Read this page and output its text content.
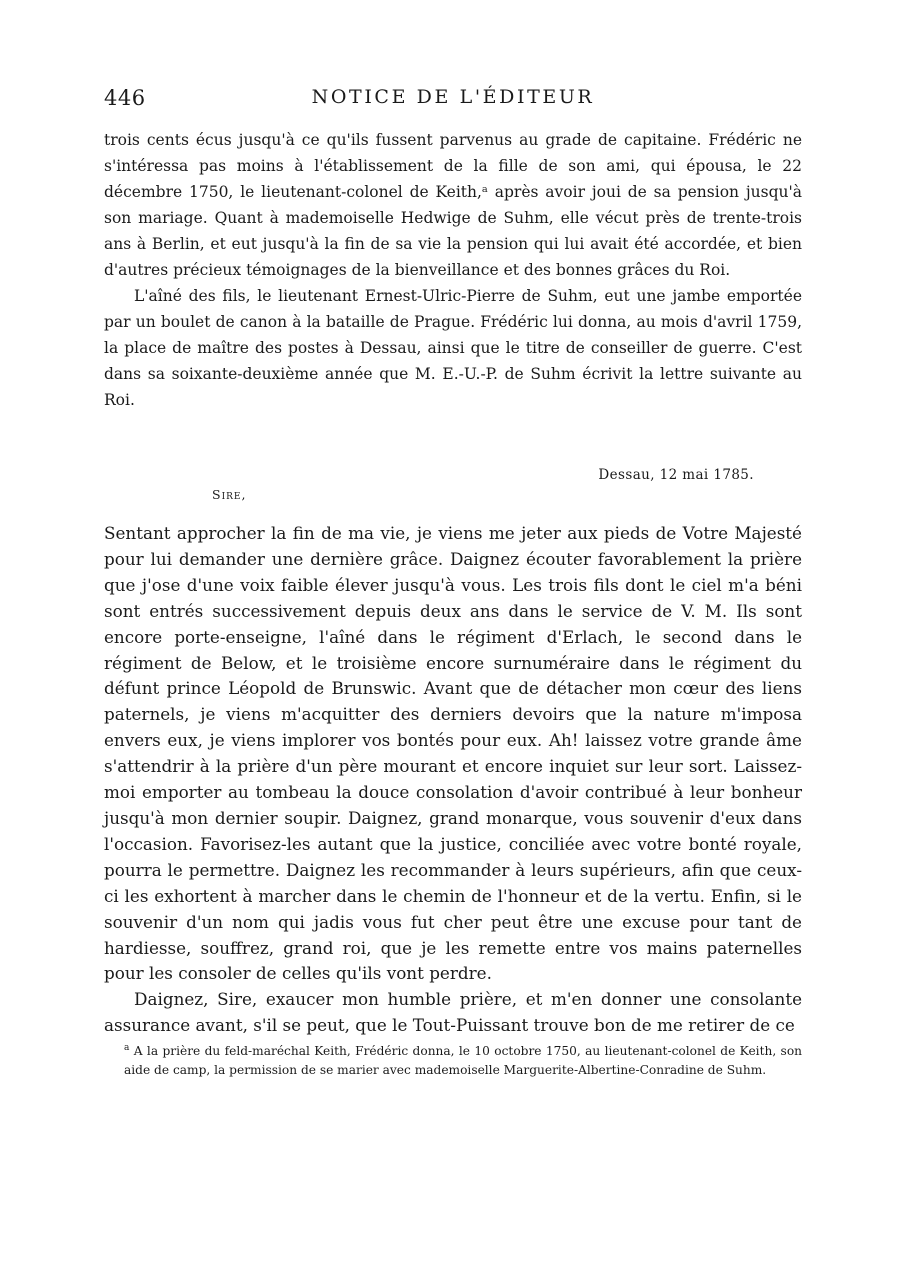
446	NOTICE DE L'ÉDITEUR

trois cents écus jusqu'à ce qu'ils fussent parvenus au grade de capitaine. Frédéric ne s'intéressa pas moins à l'établissement de la fille de son ami, qui épousa, le 22 décembre 1750, le lieutenant-colonel de Keith,ᵃ après avoir joui de sa pension jusqu'à son mariage. Quant à mademoiselle Hedwige de Suhm, elle vécut près de trente-trois ans à Berlin, et eut jusqu'à la fin de sa vie la pension qui lui avait été accordée, et bien d'autres précieux témoignages de la bienveillance et des bonnes grâces du Roi.

L'aîné des fils, le lieutenant Ernest-Ulric-Pierre de Suhm, eut une jambe emportée par un boulet de canon à la bataille de Prague. Frédéric lui donna, au mois d'avril 1759, la place de maître des postes à Dessau, ainsi que le titre de conseiller de guerre. C'est dans sa soixante-deuxième année que M. E.-U.-P. de Suhm écrivit la lettre suivante au Roi.

Dessau, 12 mai 1785.
Sire,

Sentant approcher la fin de ma vie, je viens me jeter aux pieds de Votre Majesté pour lui demander une dernière grâce. Daignez écouter favorablement la prière que j'ose d'une voix faible élever jusqu'à vous. Les trois fils dont le ciel m'a béni sont entrés successivement depuis deux ans dans le service de V. M. Ils sont encore porte-enseigne, l'aîné dans le régiment d'Erlach, le second dans le régiment de Below, et le troisième encore surnuméraire dans le régiment du défunt prince Léopold de Brunswic. Avant que de détacher mon cœur des liens paternels, je viens m'acquitter des derniers devoirs que la nature m'imposa envers eux, je viens implorer vos bontés pour eux. Ah! laissez votre grande âme s'attendrir à la prière d'un père mourant et encore inquiet sur leur sort. Laissez-moi emporter au tombeau la douce consolation d'avoir contribué à leur bonheur jusqu'à mon dernier soupir. Daignez, grand monarque, vous souvenir d'eux dans l'occasion. Favorisez-les autant que la justice, conciliée avec votre bonté royale, pourra le permettre. Daignez les recommander à leurs supérieurs, afin que ceux-ci les exhortent à marcher dans le chemin de l'honneur et de la vertu. Enfin, si le souvenir d'un nom qui jadis vous fut cher peut être une excuse pour tant de hardiesse, souffrez, grand roi, que je les remette entre vos mains paternelles pour les consoler de celles qu'ils vont perdre.

Daignez, Sire, exaucer mon humble prière, et m'en donner une consolante assurance avant, s'il se peut, que le Tout-Puissant trouve bon de me retirer de ce

$^a$ A la prière du feld-maréchal Keith, Frédéric donna, le 10 octobre 1750, au lieutenant-colonel de Keith, son aide de camp, la permission de se marier avec mademoiselle Marguerite-Albertine-Conradine de Suhm.
